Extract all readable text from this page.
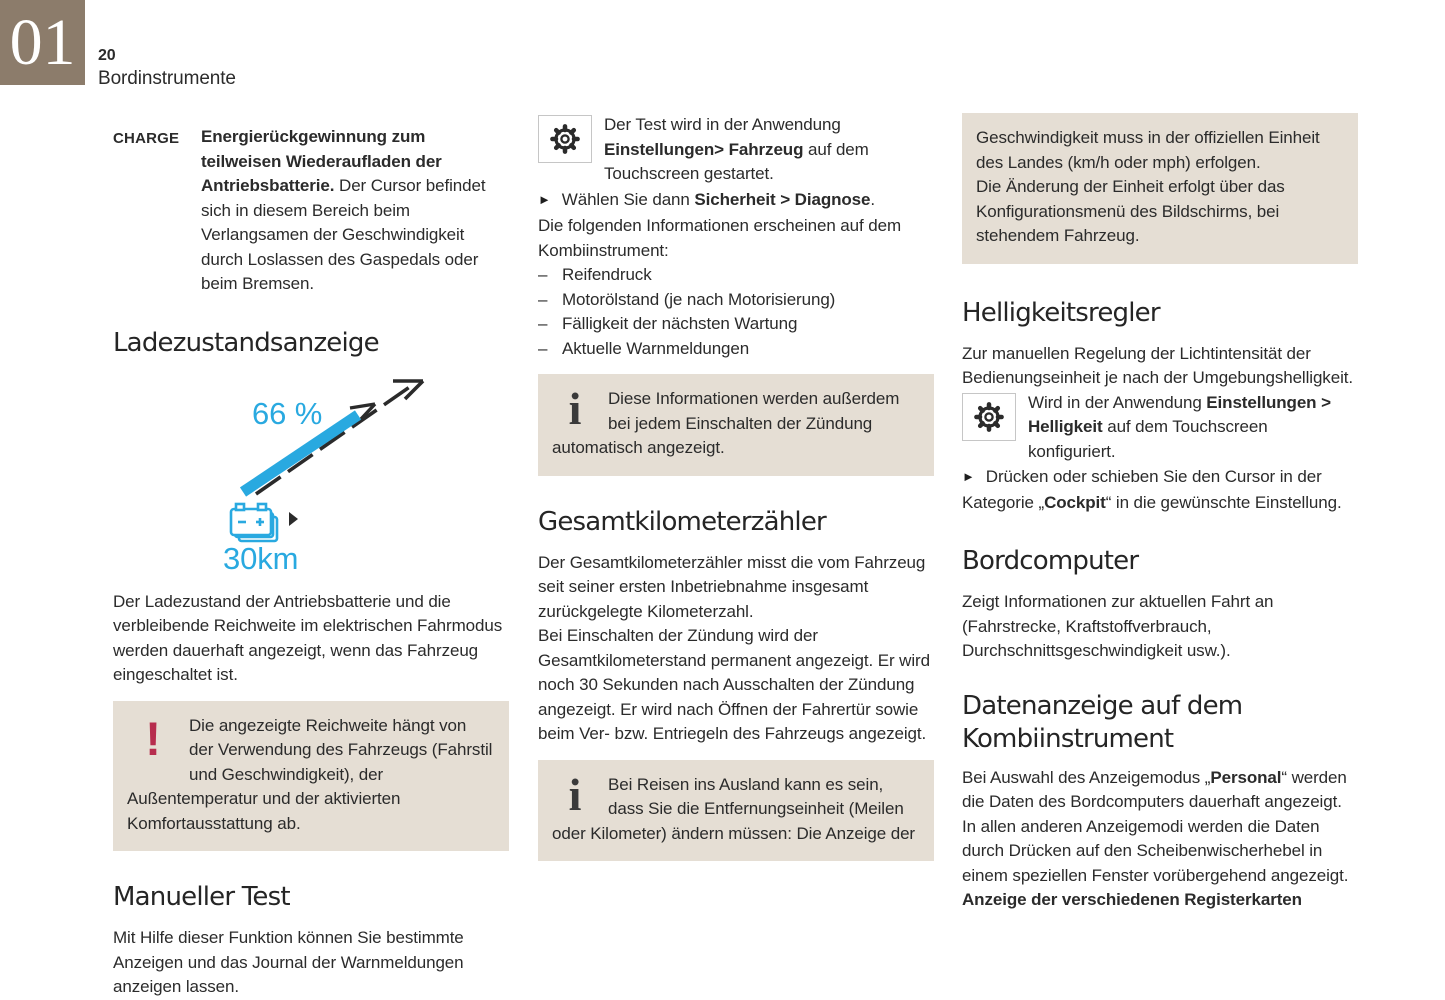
01 20
Bordinstrumente
CHARGE	Energierückgewinnung zum teilweisen Wiederaufladen der Antriebsbatterie. Der Cursor befindet sich in diesem Bereich beim Verlangsamen der Geschwindigkeit durch Loslassen des Gaspedals oder beim Bremsen.
Ladezustandsanzeige
66 %
30km

Der Ladezustand der Antriebsbatterie und die verbleibende Reichweite im elektrischen Fahrmodus werden dauerhaft angezeigt, wenn das Fahrzeug eingeschaltet ist.

!	Die angezeigte Reichweite hängt von der Verwendung des Fahrzeugs (Fahrstil und Geschwindigkeit), der Außentemperatur und der aktivierten Komfortausstattung ab.
Manueller Test

Mit Hilfe dieser Funktion können Sie bestimmte Anzeigen und das Journal der Warnmeldungen anzeigen lassen.

Der Test wird in der Anwendung Einstellungen> Fahrzeug auf dem Touchscreen gestartet.
► Wählen Sie dann Sicherheit > Diagnose.

Die folgenden Informationen erscheinen auf dem Kombiinstrument:

– Reifendruck
– Motorölstand (je nach Motorisierung)
– Fälligkeit der nächsten Wartung
– Aktuelle Warnmeldungen
i	Diese Informationen werden außerdem bei jedem Einschalten der Zündung automatisch angezeigt.
Gesamtkilometerzähler

Der Gesamtkilometerzähler misst die vom Fahrzeug seit seiner ersten Inbetriebnahme insgesamt zurückgelegte Kilometerzahl.

Bei Einschalten der Zündung wird der Gesamtkilometerstand permanent angezeigt. Er wird noch 30 Sekunden nach Ausschalten der Zündung angezeigt. Er wird nach Öffnen der Fahrertür sowie beim Ver- bzw. Entriegeln des Fahrzeugs angezeigt.

i	Bei Reisen ins Ausland kann es sein, dass Sie die Entfernungseinheit (Meilen oder Kilometer) ändern müssen: Die Anzeige der

Geschwindigkeit muss in der offiziellen Einheit des Landes (km/h oder mph) erfolgen.

Die Änderung der Einheit erfolgt über das Konfigurationsmenü des Bildschirms, bei stehendem Fahrzeug.

Helligkeitsregler

Zur manuellen Regelung der Lichtintensität der Bedienungseinheit je nach der Umgebungshelligkeit.

Wird in der Anwendung Einstellungen > Helligkeit auf dem Touchscreen konfiguriert.
► Drücken oder schieben Sie den Cursor in der Kategorie „Cockpit“ in die gewünschte Einstellung.
Bordcomputer

Zeigt Informationen zur aktuellen Fahrt an (Fahrstrecke, Kraftstoffverbrauch, Durchschnittsgeschwindigkeit usw.).

Datenanzeige auf dem Kombiinstrument

Bei Auswahl des Anzeigemodus „Personal“ werden die Daten des Bordcomputers dauerhaft angezeigt. In allen anderen Anzeigemodi werden die Daten durch Drücken auf den Scheibenwischerhebel in einem speziellen Fenster vorübergehend angezeigt.

Anzeige der verschiedenen Registerkarten
